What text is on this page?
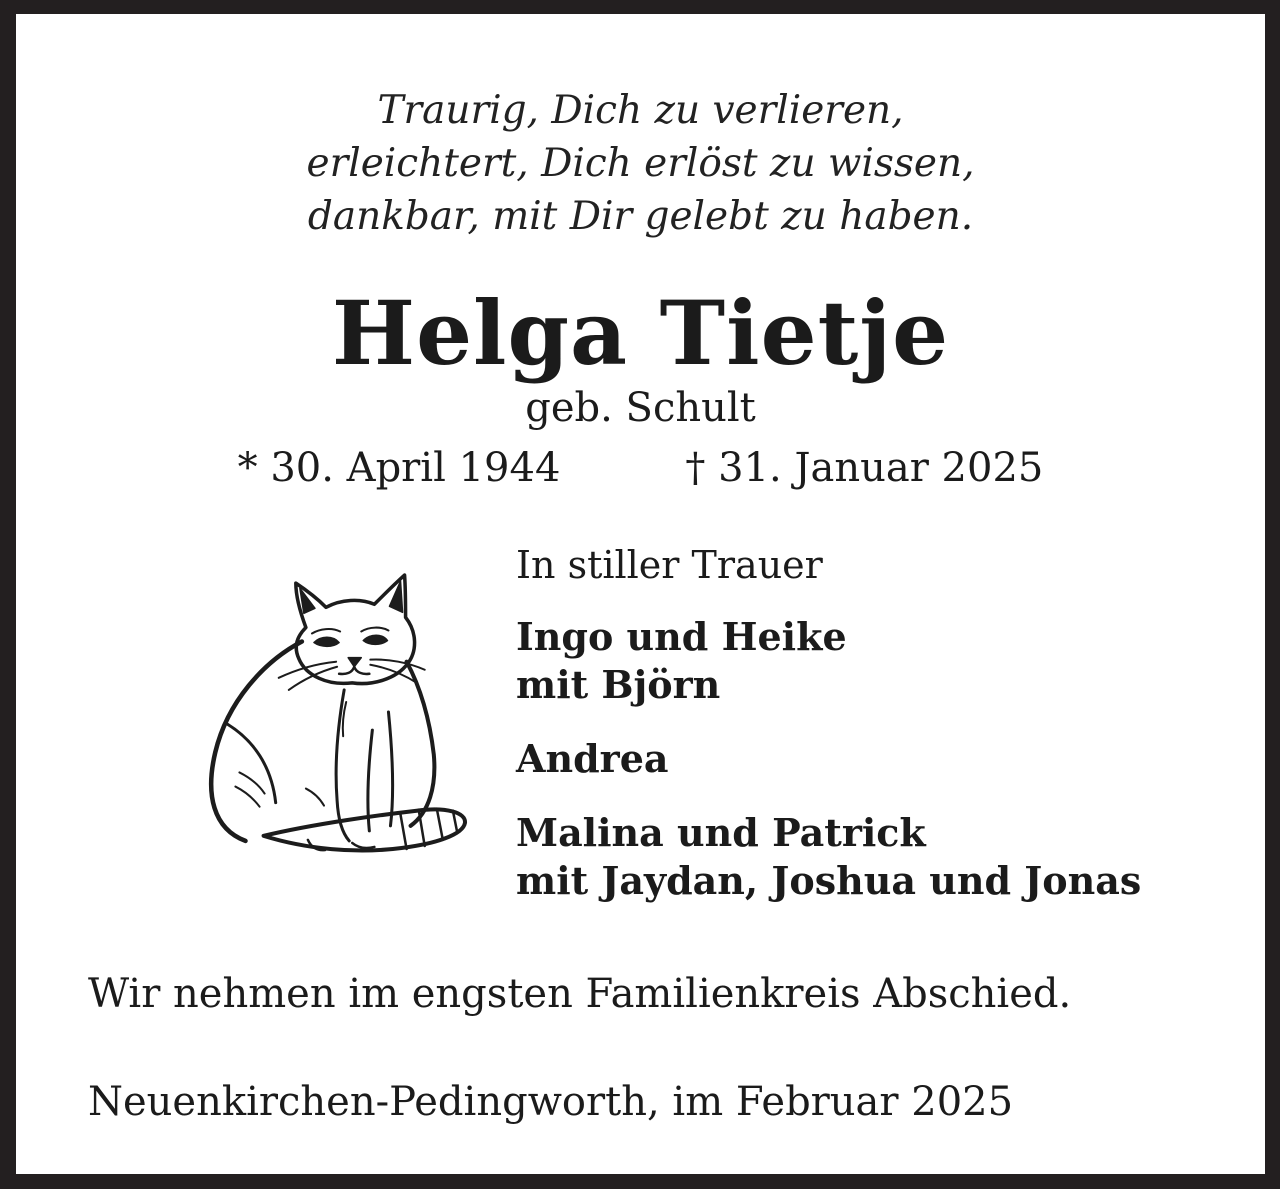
Traurig, Dich zu verlieren,
erleichtert, Dich erlöst zu wissen,
dankbar, mit Dir gelebt zu haben.
Helga Tietje
geb. Schult
* 30. April 1944	† 31. Januar 2025
In stiller Trauer
Ingo und Heike
mit Björn
Andrea
Malina und Patrick
mit Jaydan, Joshua und Jonas
Wir nehmen im engsten Familienkreis Abschied.
Neuenkirchen-Pedingworth, im Februar 2025
